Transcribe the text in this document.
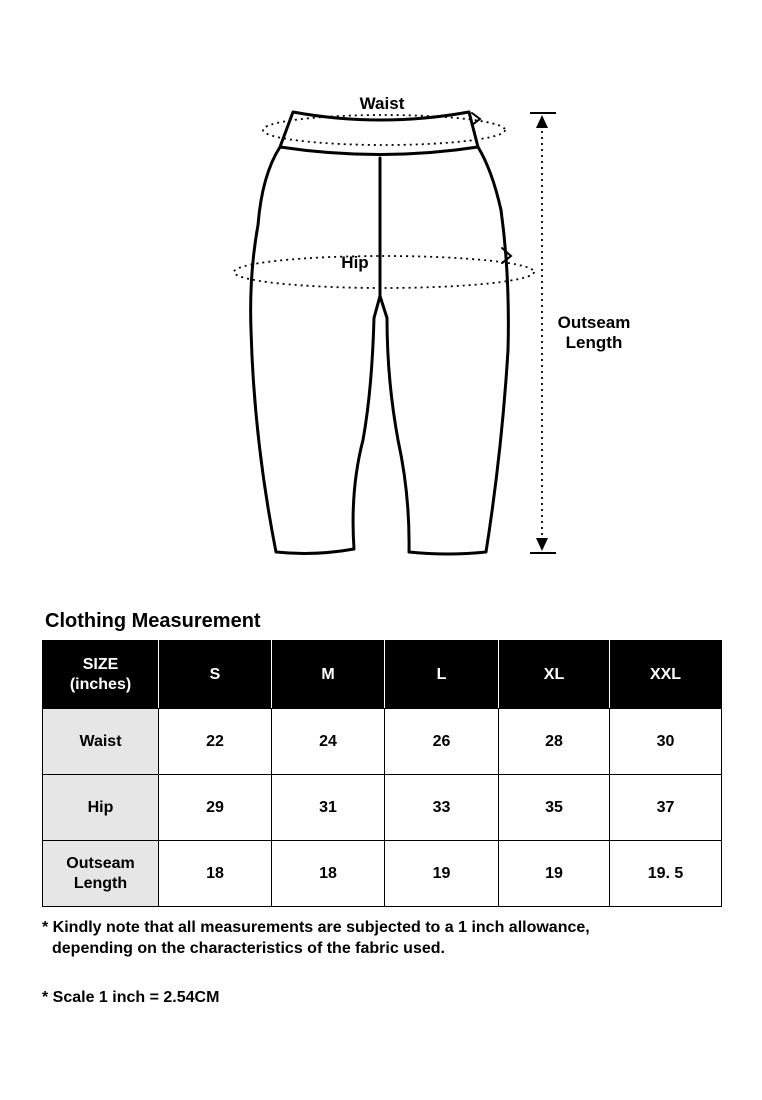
Waist
Hip
Outseam
Length
Clothing Measurement
SIZE
(inches)	S	M	L	XL	XXL

Waist	22	24	26	28	30

Hip	29	31	33	35	37

Outseam
Length	18	18	19	19	19. 5
* Kindly note that all measurements are subjected to a 1 inch allowance,
depending on the characteristics of the fabric used.
* Scale 1 inch = 2.54CM
